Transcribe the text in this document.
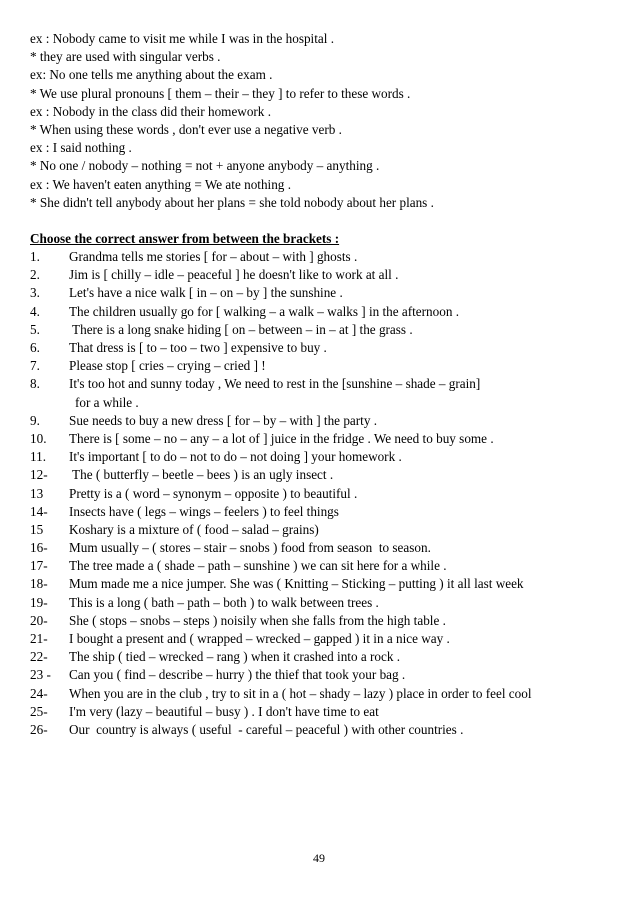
ex : Nobody came to visit me while I was in the hospital .
* they are used with singular verbs .
ex: No one tells me anything about the exam .
* We use plural pronouns [ them – their – they ] to refer to these words .
ex : Nobody in the class did their homework .
* When using these words , don't ever use a negative verb .
ex : I said nothing .
* No one / nobody – nothing = not + anyone anybody – anything .
ex : We haven't eaten anything = We ate nothing .
* She didn't tell anybody about her plans = she told nobody about her plans .
Choose the correct answer from between the brackets :
1.	Grandma tells me stories [ for – about – with ] ghosts .
2.	Jim is [ chilly – idle – peaceful ] he doesn't like to work at all .
3.	Let's have a nice walk [ in – on – by ] the sunshine .
4.	The children usually go for [ walking – a walk – walks ] in the afternoon .
5.	There is a long snake hiding [ on – between – in – at ] the grass .
6.	That dress is [ to – too – two ] expensive to buy .
7.	Please stop [ cries – crying – cried ] !
8.	It's too hot and sunny today , We need to rest in the [sunshine – shade – grain]
for a while .
9.	Sue needs to buy a new dress [ for – by – with ] the party .
10.	There is [ some – no – any – a lot of ] juice in the fridge . We need to buy some .
11.	It's important [ to do – not to do – not doing ] your homework .
12-	The ( butterfly – beetle – bees ) is an ugly insect .
13	Pretty is a ( word – synonym – opposite ) to beautiful .
14-	Insects have ( legs – wings – feelers ) to feel things
15	Koshary is a mixture of ( food – salad – grains)
16-	Mum usually – ( stores – stair – snobs ) food from season  to season.
17-	The tree made a ( shade – path – sunshine ) we can sit here for a while .
18-	Mum made me a nice jumper. She was ( Knitting – Sticking – putting ) it all last week
19-	This is a long ( bath – path – both ) to walk between trees .
20-	She ( stops – snobs – steps ) noisily when she falls from the high table .
21-	I bought a present and ( wrapped – wrecked – gapped ) it in a nice way .
22-	The ship ( tied – wrecked – rang ) when it crashed into a rock .
23 -	Can you ( find – describe – hurry ) the thief that took your bag .
24-	When you are in the club , try to sit in a ( hot – shady – lazy ) place in order to feel cool
25-	I'm very (lazy – beautiful – busy ) . I don't have time to eat
26-	Our  country is always ( useful  - careful – peaceful ) with other countries .
49
